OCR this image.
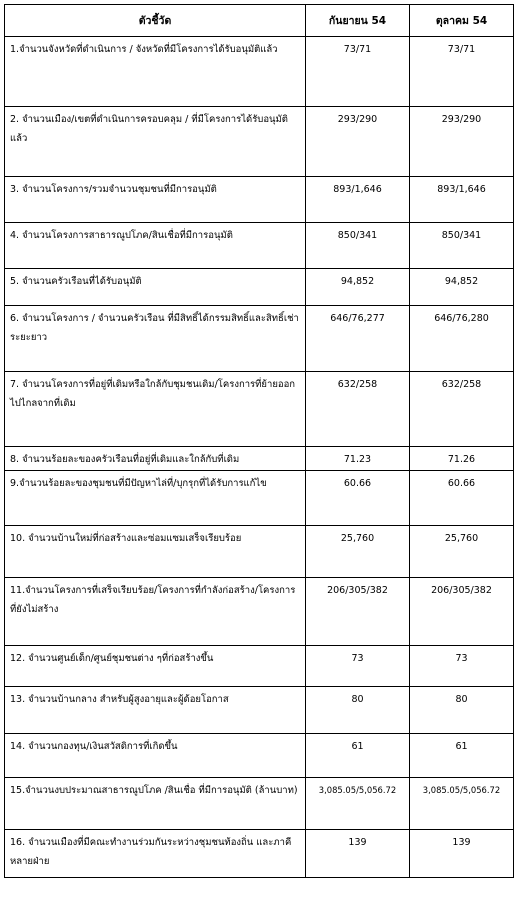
ตัวชี้วัด	กันยายน 54	ตุลาคม 54
1.จำนวนจังหวัดที่ดำเนินการ / จังหวัดที่มีโครงการได้รับอนุมัติแล้ว	73/71	73/71
2. จำนวนเมือง/เขตที่ดำเนินการครอบคลุม / ที่มีโครงการได้รับอนุมัติแล้ว	293/290	293/290
3. จำนวนโครงการ/รวมจำนวนชุมชนที่มีการอนุมัติ	893/1,646	893/1,646
4. จำนวนโครงการสาธารณูปโภค/สินเชื่อที่มีการอนุมัติ	850/341	850/341
5. จำนวนครัวเรือนที่ได้รับอนุมัติ	94,852	94,852
6. จำนวนโครงการ / จำนวนครัวเรือน ที่มีสิทธิ์ได้กรรมสิทธิ์และสิทธิ์เช่าระยะยาว	646/76,277	646/76,280
7. จำนวนโครงการที่อยู่ที่เดิมหรือใกล้กับชุมชนเดิม/โครงการที่ย้ายออกไปไกลจากที่เดิม	632/258	632/258
8. จำนวนร้อยละของครัวเรือนที่อยู่ที่เดิมและใกล้กับที่เดิม	71.23	71.26
9.จำนวนร้อยละของชุมชนที่มีปัญหาไล่ที่/บุกรุกที่ได้รับการแก้ไข	60.66	60.66
10. จำนวนบ้านใหม่ที่ก่อสร้างและซ่อมแซมเสร็จเรียบร้อย	25,760	25,760
11.จำนวนโครงการที่เสร็จเรียบร้อย/โครงการที่กำลังก่อสร้าง/โครงการที่ยังไม่สร้าง	206/305/382	206/305/382
12. จำนวนศูนย์เด็ก/ศูนย์ชุมชนต่าง ๆที่ก่อสร้างขึ้น	73	73
13. จำนวนบ้านกลาง สำหรับผู้สูงอายุและผู้ด้อยโอกาส	80	80
14. จำนวนกองทุน/เงินสวัสดิการที่เกิดขึ้น	61	61
15.จำนวนงบประมาณสาธารณูปโภค /สินเชื่อ ที่มีการอนุมัติ (ล้านบาท)	3,085.05/5,056.72	3,085.05/5,056.72
16. จำนวนเมืองที่มีคณะทำงานร่วมกันระหว่างชุมชนท้องถิ่น และภาคีหลายฝ่าย	139	139
